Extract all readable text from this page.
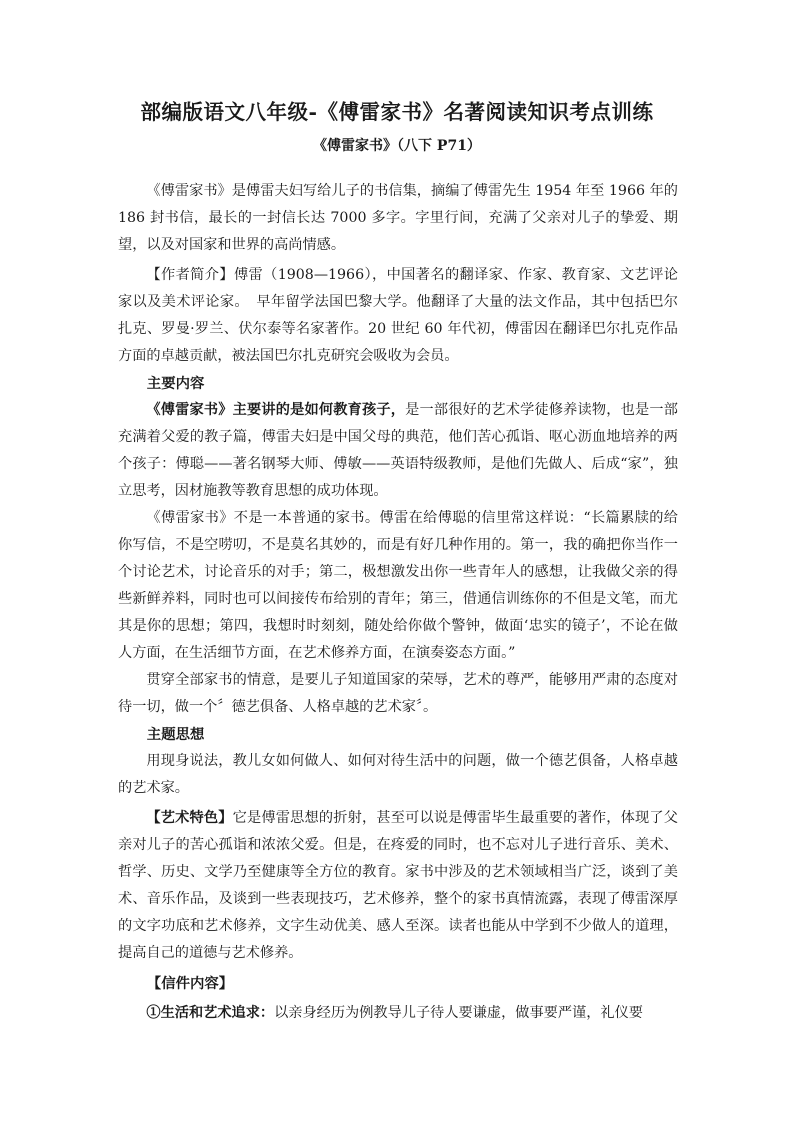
部编版语文八年级-《傅雷家书》名著阅读知识考点训练
《傅雷家书》（八下 P71）

《傅雷家书》是傅雷夫妇写给儿子的书信集，摘编了傅雷先生 1954 年至 1966 年的 186 封书信，最长的一封信长达 7000 多字。字里行间，充满了父亲对儿子的挚爱、期望，以及对国家和世界的高尚情感。

【作者简介】傅雷（1908—1966），中国著名的翻译家、作家、教育家、文艺评论家以及美术评论家。　早年留学法国巴黎大学。他翻译了大量的法文作品，其中包括巴尔扎克、罗曼·罗兰、伏尔泰等名家著作。20 世纪 60 年代初，傅雷因在翻译巴尔扎克作品方面的卓越贡献，被法国巴尔扎克研究会吸收为会员。

主要内容

《傅雷家书》主要讲的是如何教育孩子，是一部很好的艺术学徒修养读物，也是一部充满着父爱的教子篇，傅雷夫妇是中国父母的典范，他们苦心孤诣、呕心沥血地培养的两个孩子：傅聪——著名钢琴大师、傅敏——英语特级教师，是他们先做人、后成“家”，独立思考，因材施教等教育思想的成功体现。

《傅雷家书》不是一本普通的家书。傅雷在给傅聪的信里常这样说：“长篇累牍的给你写信，不是空唠叨，不是莫名其妙的，而是有好几种作用的。第一，我的确把你当作一个讨论艺术，讨论音乐的对手；第二，极想激发出你一些青年人的感想，让我做父亲的得些新鲜养料，同时也可以间接传布给别的青年；第三，借通信训练你的不但是文笔，而尤其是你的思想；第四，我想时时刻刻，随处给你做个警钟，做面‘忠实的镜子’，不论在做人方面，在生活细节方面，在艺术修养方面，在演奏姿态方面。”

贯穿全部家书的情意，是要儿子知道国家的荣辱，艺术的尊严，能够用严肃的态度对待一切，做一个〞德艺俱备、人格卓越的艺术家〞。

主题思想

用现身说法，教儿女如何做人、如何对待生活中的问题，做一个德艺俱备，人格卓越的艺术家。

【艺术特色】它是傅雷思想的折射，甚至可以说是傅雷毕生最重要的著作，体现了父亲对儿子的苦心孤诣和浓浓父爱。但是，在疼爱的同时，也不忘对儿子进行音乐、美术、哲学、历史、文学乃至健康等全方位的教育。家书中涉及的艺术领域相当广泛，谈到了美术、音乐作品，及谈到一些表现技巧，艺术修养，整个的家书真情流露，表现了傅雷深厚的文字功底和艺术修养，文字生动优美、感人至深。读者也能从中学到不少做人的道理，提高自己的道德与艺术修养。

【信件内容】

①生活和艺术追求：以亲身经历为例教导儿子待人要谦虚，做事要严谨，礼仪要
